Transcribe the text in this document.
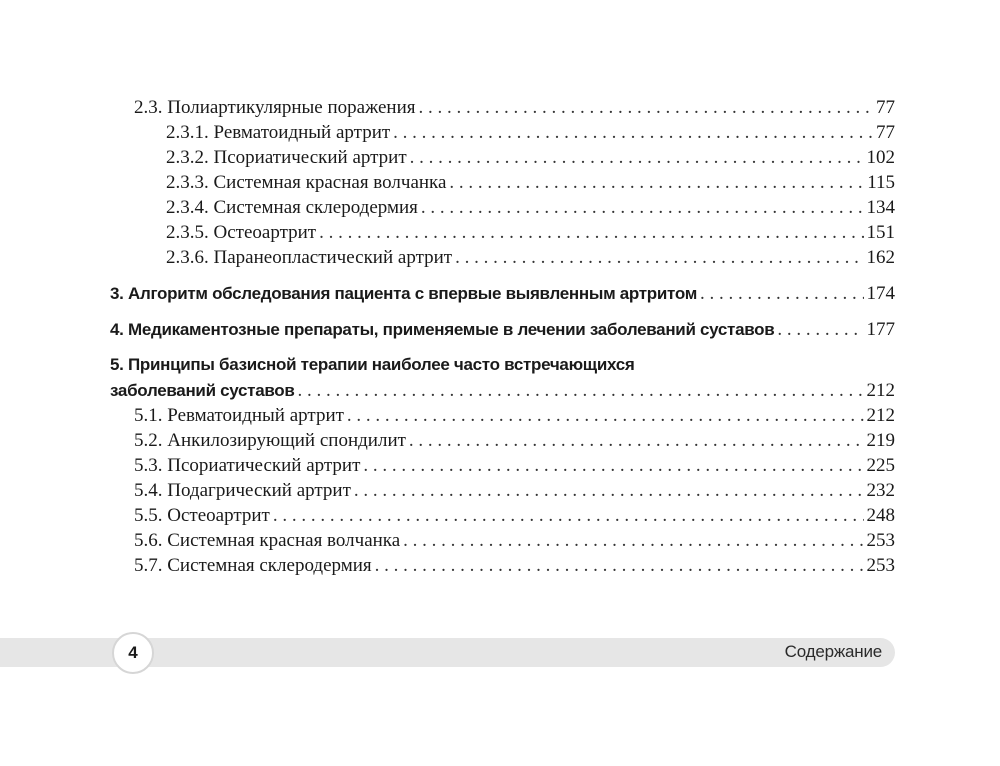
2.3. Полиартикулярные поражения . . .	77
2.3.1. Ревматоидный артрит . . .	77
2.3.2. Псориатический артрит . . .	102
2.3.3. Системная красная волчанка . . .	115
2.3.4. Системная склеродермия . . .	134
2.3.5. Остеоартрит . . .	151
2.3.6. Паранеопластический артрит . . .	162
3. Алгоритм обследования пациента с впервые выявленным артритом . . .	174
4. Медикаментозные препараты, применяемые в лечении заболеваний суставов . . .	177
5. Принципы базисной терапии наиболее часто встречающихся
заболеваний суставов . . .	212
5.1. Ревматоидный артрит . . .	212
5.2. Анкилозирующий спондилит . . .	219
5.3. Псориатический артрит . . .	225
5.4. Подагрический артрит . . .	232
5.5. Остеоартрит . . .	248
5.6. Системная красная волчанка . . .	253
5.7. Системная склеродермия . . .	253
4	Содержание
